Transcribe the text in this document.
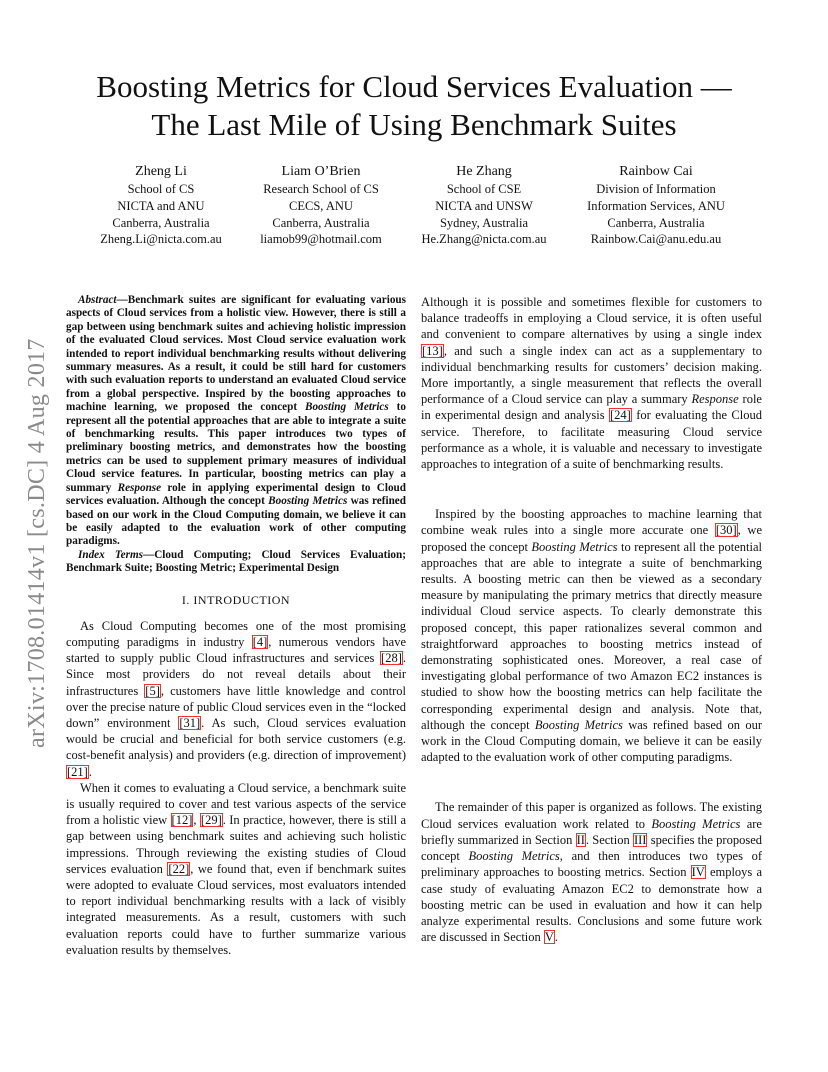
Boosting Metrics for Cloud Services Evaluation —
The Last Mile of Using Benchmark Suites
Zheng Li
School of CS
NICTA and ANU
Canberra, Australia
Zheng.Li@nicta.com.au
Liam O’Brien
Research School of CS
CECS, ANU
Canberra, Australia
liamob99@hotmail.com
He Zhang
School of CSE
NICTA and UNSW
Sydney, Australia
He.Zhang@nicta.com.au
Rainbow Cai
Division of Information
Information Services, ANU
Canberra, Australia
Rainbow.Cai@anu.edu.au
arXiv:1708.01414v1 [cs.DC] 4 Aug 2017

Abstract—Benchmark suites are significant for evaluating various aspects of Cloud services from a holistic view. However, there is still a gap between using benchmark suites and achieving holistic impression of the evaluated Cloud services. Most Cloud service evaluation work intended to report individual benchmarking results without delivering summary measures. As a result, it could be still hard for customers with such evaluation reports to understand an evaluated Cloud service from a global perspective. Inspired by the boosting approaches to machine learning, we proposed the concept Boosting Metrics to represent all the potential approaches that are able to integrate a suite of benchmarking results. This paper introduces two types of preliminary boosting metrics, and demonstrates how the boosting metrics can be used to supplement primary measures of individual Cloud service features. In particular, boosting metrics can play a summary Response role in applying experimental design to Cloud services evaluation. Although the concept Boosting Metrics was refined based on our work in the Cloud Computing domain, we believe it can be easily adapted to the evaluation work of other computing paradigms.

Index Terms—Cloud Computing; Cloud Services Evaluation; Benchmark Suite; Boosting Metric; Experimental Design

I. INTRODUCTION

As Cloud Computing becomes one of the most promising computing paradigms in industry [4], numerous vendors have started to supply public Cloud infrastructures and services [28]. Since most providers do not reveal details about their infrastructures [5], customers have little knowledge and control over the precise nature of public Cloud services even in the “locked down” environment [31]. As such, Cloud services evaluation would be crucial and beneficial for both service customers (e.g. cost-benefit analysis) and providers (e.g. direction of improvement) [21].

When it comes to evaluating a Cloud service, a benchmark suite is usually required to cover and test various aspects of the service from a holistic view [12], [29]. In practice, however, there is still a gap between using benchmark suites and achieving such holistic impressions. Through reviewing the existing studies of Cloud services evaluation [22], we found that, even if benchmark suites were adopted to evaluate Cloud services, most evaluators intended to report individual benchmarking results with a lack of visibly integrated measurements. As a result, customers with such evaluation reports could have to further summarize various evaluation results by themselves.

Although it is possible and sometimes flexible for customers to balance tradeoffs in employing a Cloud service, it is often useful and convenient to compare alternatives by using a single index [13], and such a single index can act as a supplementary to individual benchmarking results for customers’ decision making. More importantly, a single measurement that reflects the overall performance of a Cloud service can play a summary Response role in experimental design and analysis [24] for evaluating the Cloud service. Therefore, to facilitate measuring Cloud service performance as a whole, it is valuable and necessary to investigate approaches to integration of a suite of benchmarking results.

Inspired by the boosting approaches to machine learning that combine weak rules into a single more accurate one [30], we proposed the concept Boosting Metrics to represent all the potential approaches that are able to integrate a suite of benchmarking results. A boosting metric can then be viewed as a secondary measure by manipulating the primary metrics that directly measure individual Cloud service aspects. To clearly demonstrate this proposed concept, this paper rationalizes several common and straightforward approaches to boosting metrics instead of demonstrating sophisticated ones. Moreover, a real case of investigating global performance of two Amazon EC2 instances is studied to show how the boosting metrics can help facilitate the corresponding experimental design and analysis. Note that, although the concept Boosting Metrics was refined based on our work in the Cloud Computing domain, we believe it can be easily adapted to the evaluation work of other computing paradigms.

The remainder of this paper is organized as follows. The existing Cloud services evaluation work related to Boosting Metrics are briefly summarized in Section II. Section III specifies the proposed concept Boosting Metrics, and then introduces two types of preliminary approaches to boosting metrics. Section IV employs a case study of evaluating Amazon EC2 to demonstrate how a boosting metric can be used in evaluation and how it can help analyze experimental results. Conclusions and some future work are discussed in Section V.
